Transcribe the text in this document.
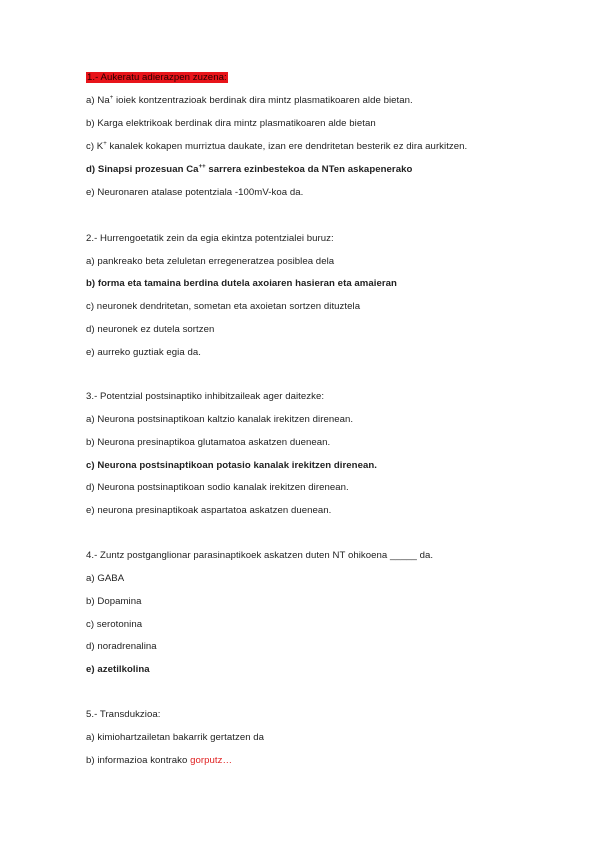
1.- Aukeratu adierazpen zuzena:
a) Na+ ioiek kontzentrazioak berdinak dira mintz plasmatikoaren alde bietan.
b) Karga elektrikoak berdinak dira mintz plasmatikoaren alde bietan
c) K+ kanalek kokapen murriztua daukate, izan ere dendritetan besterik ez dira aurkitzen.
d) Sinapsi prozesuan Ca++ sarrera ezinbestekoa da NTen askapenerako
e) Neuronaren atalase potentziala -100mV-koa da.
2.- Hurrengoetatik zein da egia ekintza potentzialei buruz:
a) pankreako beta zeluletan erregeneratzea posiblea dela
b) forma eta tamaina berdina dutela axoiaren hasieran eta amaieran
c) neuronek dendritetan, sometan eta axoietan sortzen dituztela
d) neuronek ez dutela sortzen
e) aurreko guztiak egia da.
3.- Potentzial postsinaptiko inhibitzaileak ager daitezke:
a) Neurona postsinaptikoan kaltzio kanalak irekitzen direnean.
b) Neurona presinaptikoa glutamatoa askatzen duenean.
c) Neurona postsinaptikoan potasio kanalak irekitzen direnean.
d) Neurona postsinaptikoan sodio kanalak irekitzen direnean.
e) neurona presinaptikoak aspartatoa askatzen duenean.
4.- Zuntz postganglionar parasinaptikoek askatzen duten NT ohikoena _____ da.
a) GABA
b) Dopamina
c) serotonina
d) noradrenalina
e) azetilkolina
5.- Transdukzioa:
a) kimiohartzailetan bakarrik gertatzen da
b) informazioa kontrako gorputz…
